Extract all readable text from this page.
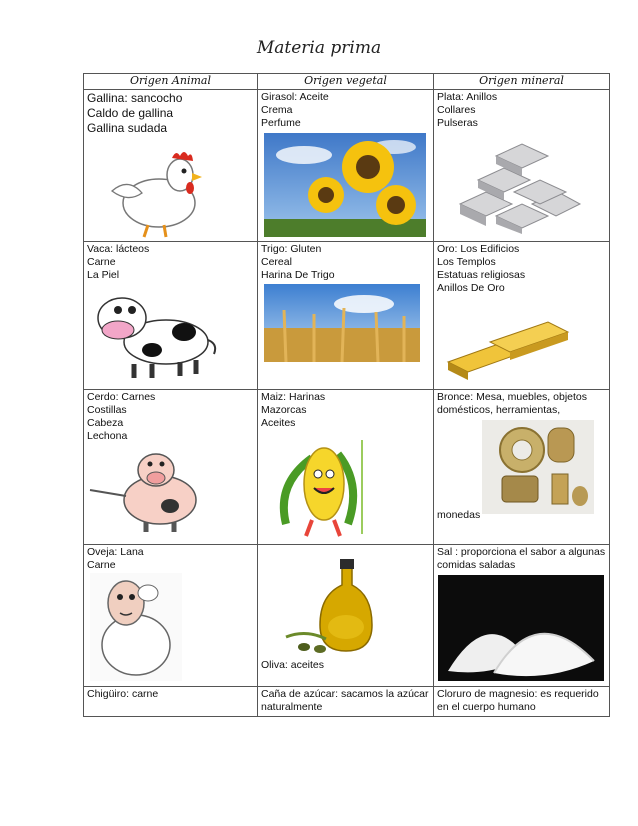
Materia prima
Origen Animal	Origen vegetal	Origen mineral

Gallina: sancocho
Caldo de gallina
Gallina sudada	Girasol: Aceite
Crema
Perfume	Plata: Anillos
Collares
Pulseras

Vaca: lácteos
Carne
La Piel	Trigo: Gluten
Cereal
Harina De Trigo	Oro: Los Edificios
Los Templos
Estatuas religiosas
Anillos De Oro

Cerdo: Carnes
Costillas
Cabeza
Lechona	Maiz: Harinas
Mazorcas
Aceites	Bronce: Mesa, muebles, objetos domésticos, herramientas,
monedas

Oveja: Lana
Carne	Oliva: aceites	Sal : proporciona el sabor a algunas comidas saladas

Chigüiro: carne	Caña de azúcar: sacamos la azúcar naturalmente	Cloruro de magnesio: es requerido en el cuerpo humano
